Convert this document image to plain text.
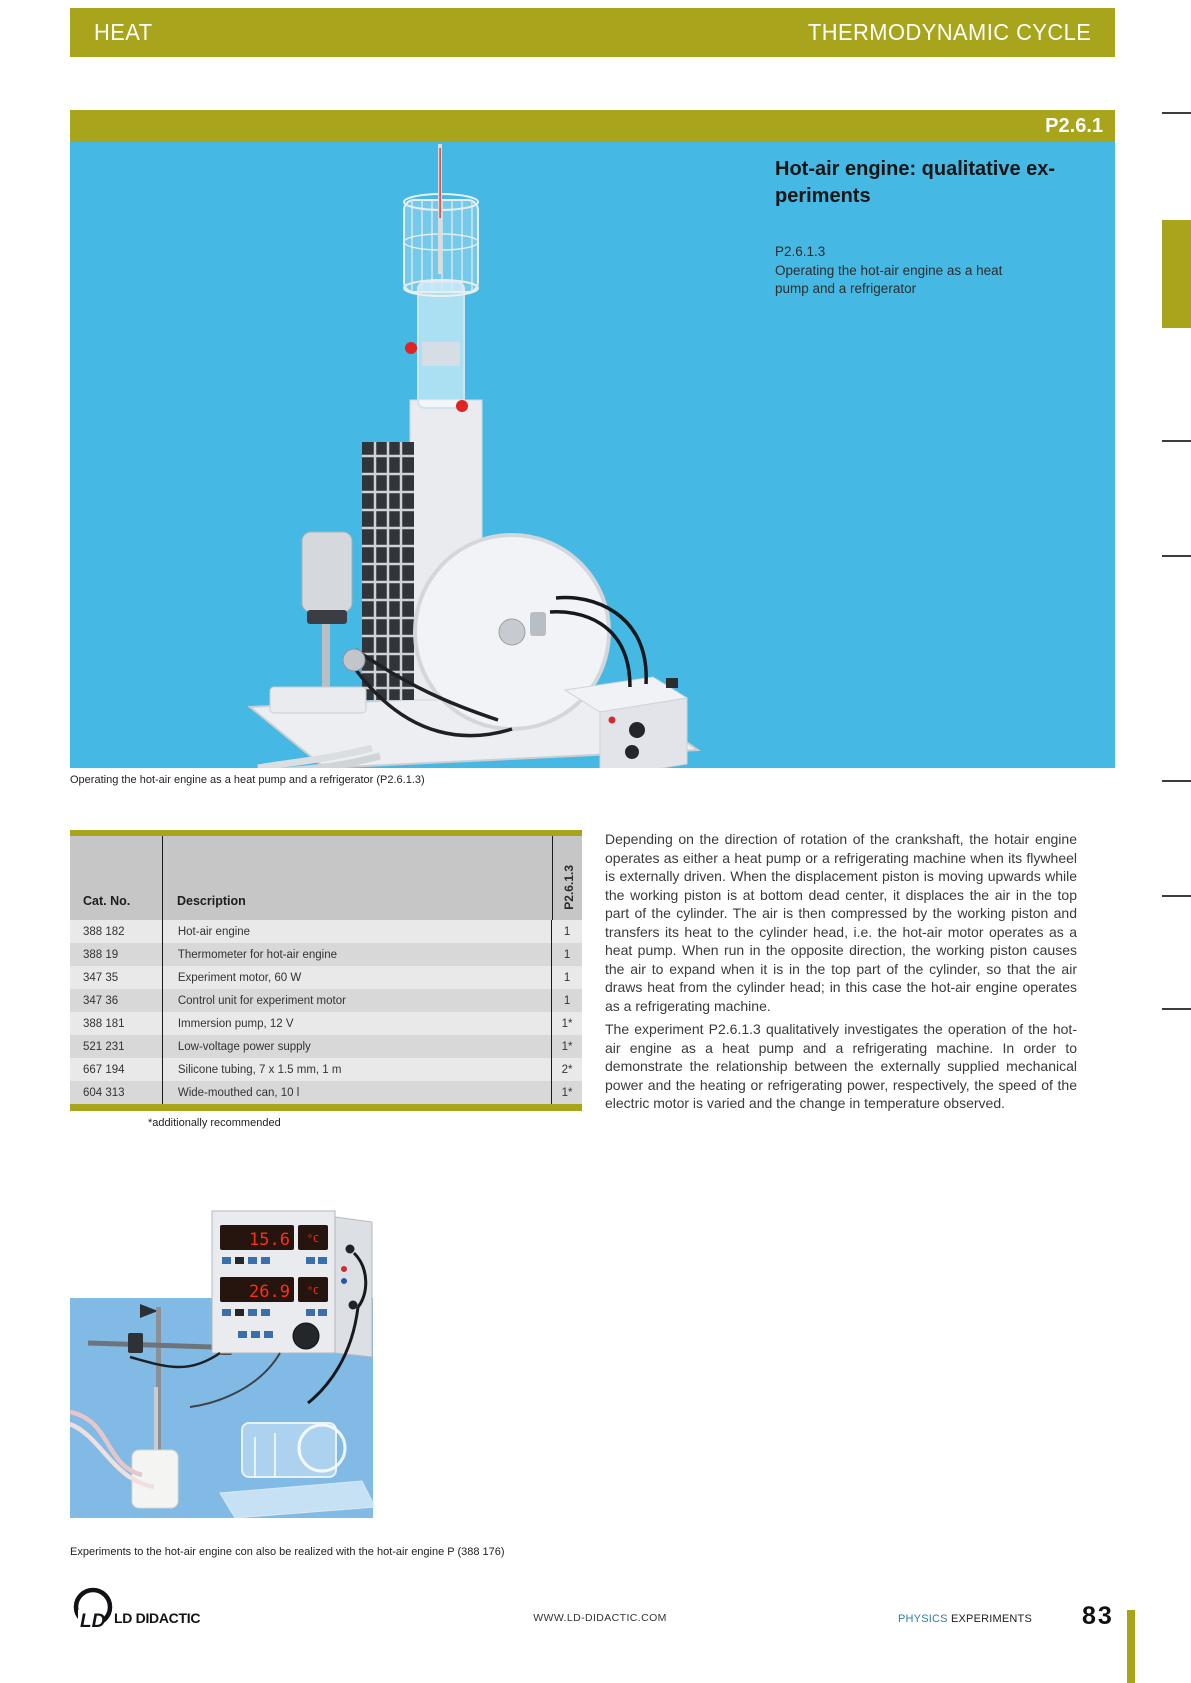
HEAT	THERMODYNAMIC CYCLE
P2.6.1
Hot-air engine: qualitative ex-
periments
P2.6.1.3
Operating the hot-air engine as a heat
pump and a refrigerator
Operating the hot-air engine as a heat pump and a refrigerator (P2.6.1.3)
Cat. No.	Description	P2.6.1.3
388 182	Hot-air engine	1
388 19	Thermometer for hot-air engine	1
347 35	Experiment motor, 60 W	1
347 36	Control unit for experiment motor	1
388 181	Immersion pump, 12 V	1*
521 231	Low-voltage power supply	1*
667 194	Silicone tubing, 7 x 1.5 mm, 1 m	2*
604 313	Wide-mouthed can, 10 l	1*
*additionally recommended

Depending on the direction of rotation of the crankshaft, the hotair engine operates as either a heat pump or a refrigerating machine when its flywheel is externally driven. When the displacement piston is moving upwards while the working piston is at bottom dead center, it displaces the air in the top part of the cylinder. The air is then compressed by the working piston and transfers its heat to the cylinder head, i.e. the hot-air motor operates as a heat pump. When run in the opposite direction, the working piston causes the air to expand when it is in the top part of the cylinder, so that the air draws heat from the cylinder head; in this case the hot-air engine operates as a refrigerating machine.

The experiment P2.6.1.3 qualitatively investigates the operation of the hot-air engine as a heat pump and a refrigerating machine. In order to demonstrate the relationship between the externally supplied mechanical power and the heating or refrigerating power, respectively, the speed of the electric motor is varied and the change in temperature observed.

15.6 °C
26.9 °C
Experiments to the hot-air engine con also be realized with the hot-air engine P (388 176)
LD LD DIDACTIC	WWW.LD-DIDACTIC.COM	PHYSICS EXPERIMENTS 83
